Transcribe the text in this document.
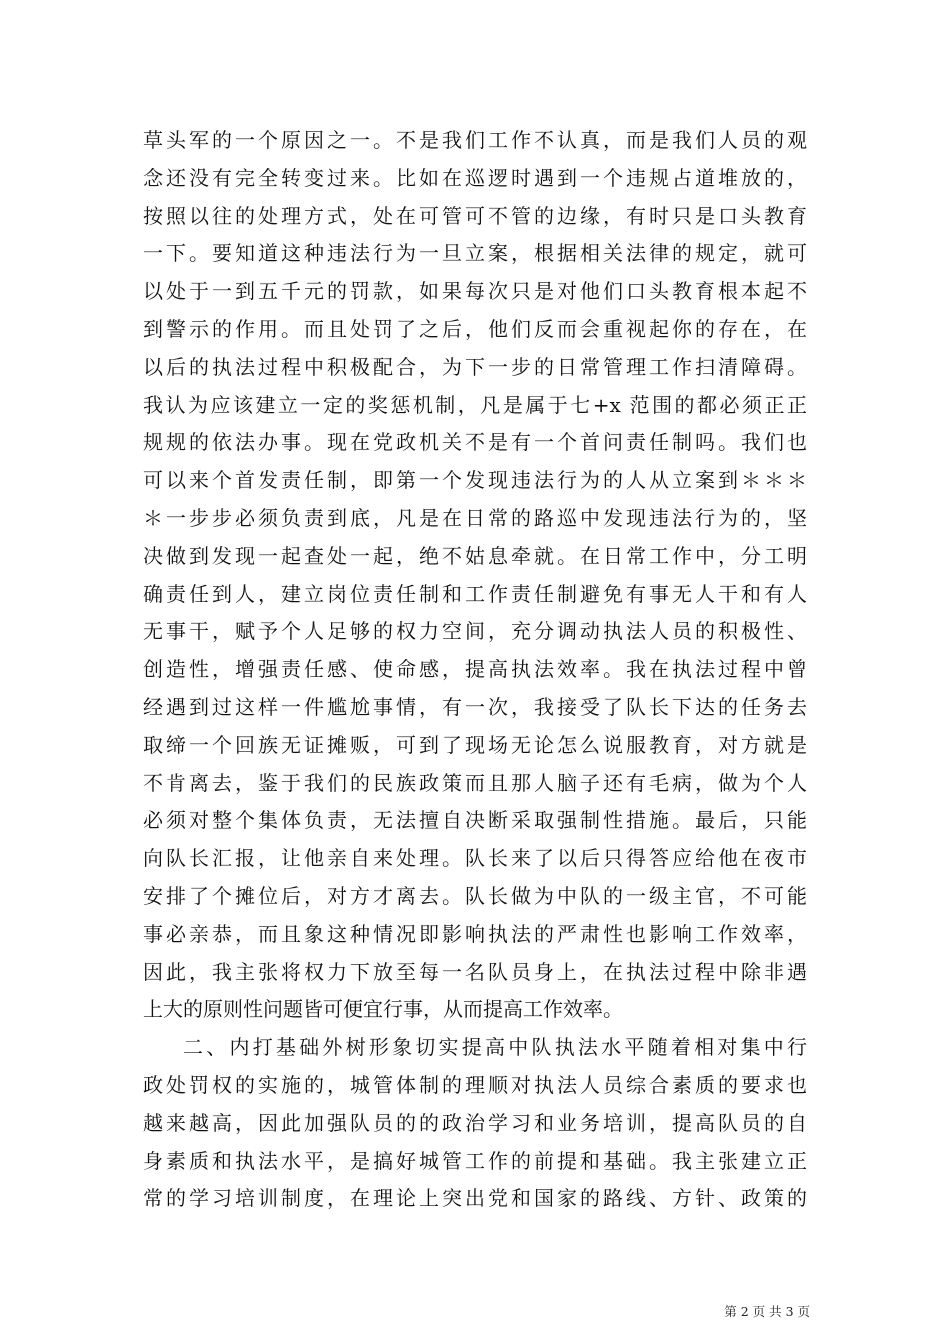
草头军的一个原因之一。不是我们工作不认真，而是我们人员的观
念还没有完全转变过来。比如在巡逻时遇到一个违规占道堆放的，
按照以往的处理方式，处在可管可不管的边缘，有时只是口头教育
一下。要知道这种违法行为一旦立案，根据相关法律的规定，就可
以处于一到五千元的罚款，如果每次只是对他们口头教育根本起不
到警示的作用。而且处罚了之后，他们反而会重视起你的存在，在
以后的执法过程中积极配合，为下一步的日常管理工作扫清障碍。
我认为应该建立一定的奖惩机制，凡是属于七+x 范围的都必须正正
规规的依法办事。现在党政机关不是有一个首问责任制吗。我们也
可以来个首发责任制，即第一个发现违法行为的人从立案到＊＊＊
＊一步步必须负责到底，凡是在日常的路巡中发现违法行为的，坚
决做到发现一起查处一起，绝不姑息牵就。在日常工作中，分工明
确责任到人，建立岗位责任制和工作责任制避免有事无人干和有人
无事干，赋予个人足够的权力空间，充分调动执法人员的积极性、
创造性，增强责任感、使命感，提高执法效率。我在执法过程中曾
经遇到过这样一件尴尬事情，有一次，我接受了队长下达的任务去
取缔一个回族无证摊贩，可到了现场无论怎么说服教育，对方就是
不肯离去，鉴于我们的民族政策而且那人脑子还有毛病，做为个人
必须对整个集体负责，无法擅自决断采取强制性措施。最后，只能
向队长汇报，让他亲自来处理。队长来了以后只得答应给他在夜市
安排了个摊位后，对方才离去。队长做为中队的一级主官，不可能
事必亲恭，而且象这种情况即影响执法的严肃性也影响工作效率，
因此，我主张将权力下放至每一名队员身上，在执法过程中除非遇
上大的原则性问题皆可便宜行事，从而提高工作效率。
二、内打基础外树形象切实提高中队执法水平随着相对集中行
政处罚权的实施的，城管体制的理顺对执法人员综合素质的要求也
越来越高，因此加强队员的的政治学习和业务培训，提高队员的自
身素质和执法水平，是搞好城管工作的前提和基础。我主张建立正
常的学习培训制度，在理论上突出党和国家的路线、方针、政策的
第 2 页 共 3 页
